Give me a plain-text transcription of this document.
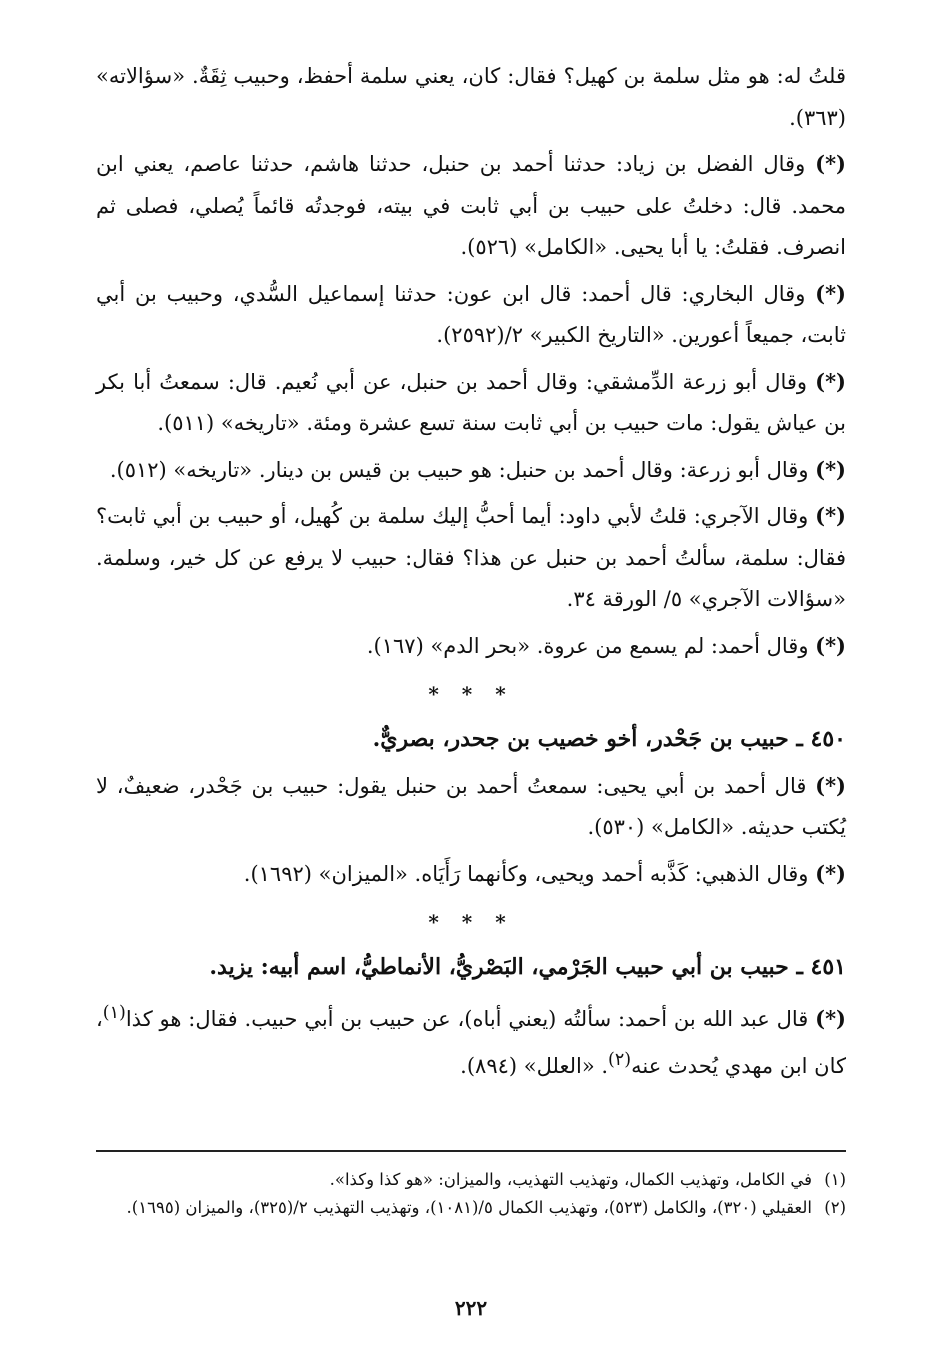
قلتُ له: هو مثل سلمة بن كهيل؟ فقال: كان، يعني سلمة أحفظ، وحبيب ثِقَةٌ. «سؤالاته» (٣٦٣).

(*) وقال الفضل بن زياد: حدثنا أحمد بن حنبل، حدثنا هاشم، حدثنا عاصم، يعني ابن محمد. قال: دخلتُ على حبيب بن أبي ثابت في بيته، فوجدتُه قائماً يُصلي، فصلى ثم انصرف. فقلتُ: يا أبا يحيى. «الكامل» (٥٢٦).

(*) وقال البخاري: قال أحمد: قال ابن عون: حدثنا إسماعيل السُّدي، وحبيب بن أبي ثابت، جميعاً أعورين. «التاريخ الكبير» ٢/(٢٥٩٢).

(*) وقال أبو زرعة الدِّمشقي: وقال أحمد بن حنبل، عن أبي نُعيم. قال: سمعتُ أبا بكر بن عياش يقول: مات حبيب بن أبي ثابت سنة تسع عشرة ومئة. «تاريخه» (٥١١).

(*) وقال أبو زرعة: وقال أحمد بن حنبل: هو حبيب بن قيس بن دينار. «تاريخه» (٥١٢).

(*) وقال الآجري: قلتُ لأبي داود: أيما أحبُّ إليك سلمة بن كُهيل، أو حبيب بن أبي ثابت؟ فقال: سلمة، سألتُ أحمد بن حنبل عن هذا؟ فقال: حبيب لا يرفع عن كل خير، وسلمة. «سؤالات الآجري» ٥/ الورقة ٣٤.

(*) وقال أحمد: لم يسمع من عروة. «بحر الدم» (١٦٧).

* * *
٤٥٠ ـ حبيب بن جَحْدر، أخو خصيب بن جحدر، بصريٌّ.

(*) قال أحمد بن أبي يحيى: سمعتُ أحمد بن حنبل يقول: حبيب بن جَحْدر، ضعيفٌ، لا يُكتب حديثه. «الكامل» (٥٣٠).

(*) وقال الذهبي: كَذَّبه أحمد ويحيى، وكأنهما رَأَيَاه. «الميزان» (١٦٩٢).

* * *
٤٥١ ـ حبيب بن أبي حبيب الجَرْمي، البَصْريُّ، الأنماطيُّ، اسم أبيه: يزيد.

(*) قال عبد الله بن أحمد: سألتُه (يعني أباه)، عن حبيب بن أبي حبيب. فقال: هو كذا$^{(١)}$، كان ابن مهدي يُحدث عنه$^{(٢)}$. «العلل» (٨٩٤).

(١)في الكامل، وتهذيب الكمال، وتهذيب التهذيب، والميزان: «هو كذا وكذا».

(٢)العقيلي (٣٢٠)، والكامل (٥٢٣)، وتهذيب الكمال ٥/(١٠٨١)، وتهذيب التهذيب ٢/(٣٢٥)، والميزان (١٦٩٥).

٢٢٢
